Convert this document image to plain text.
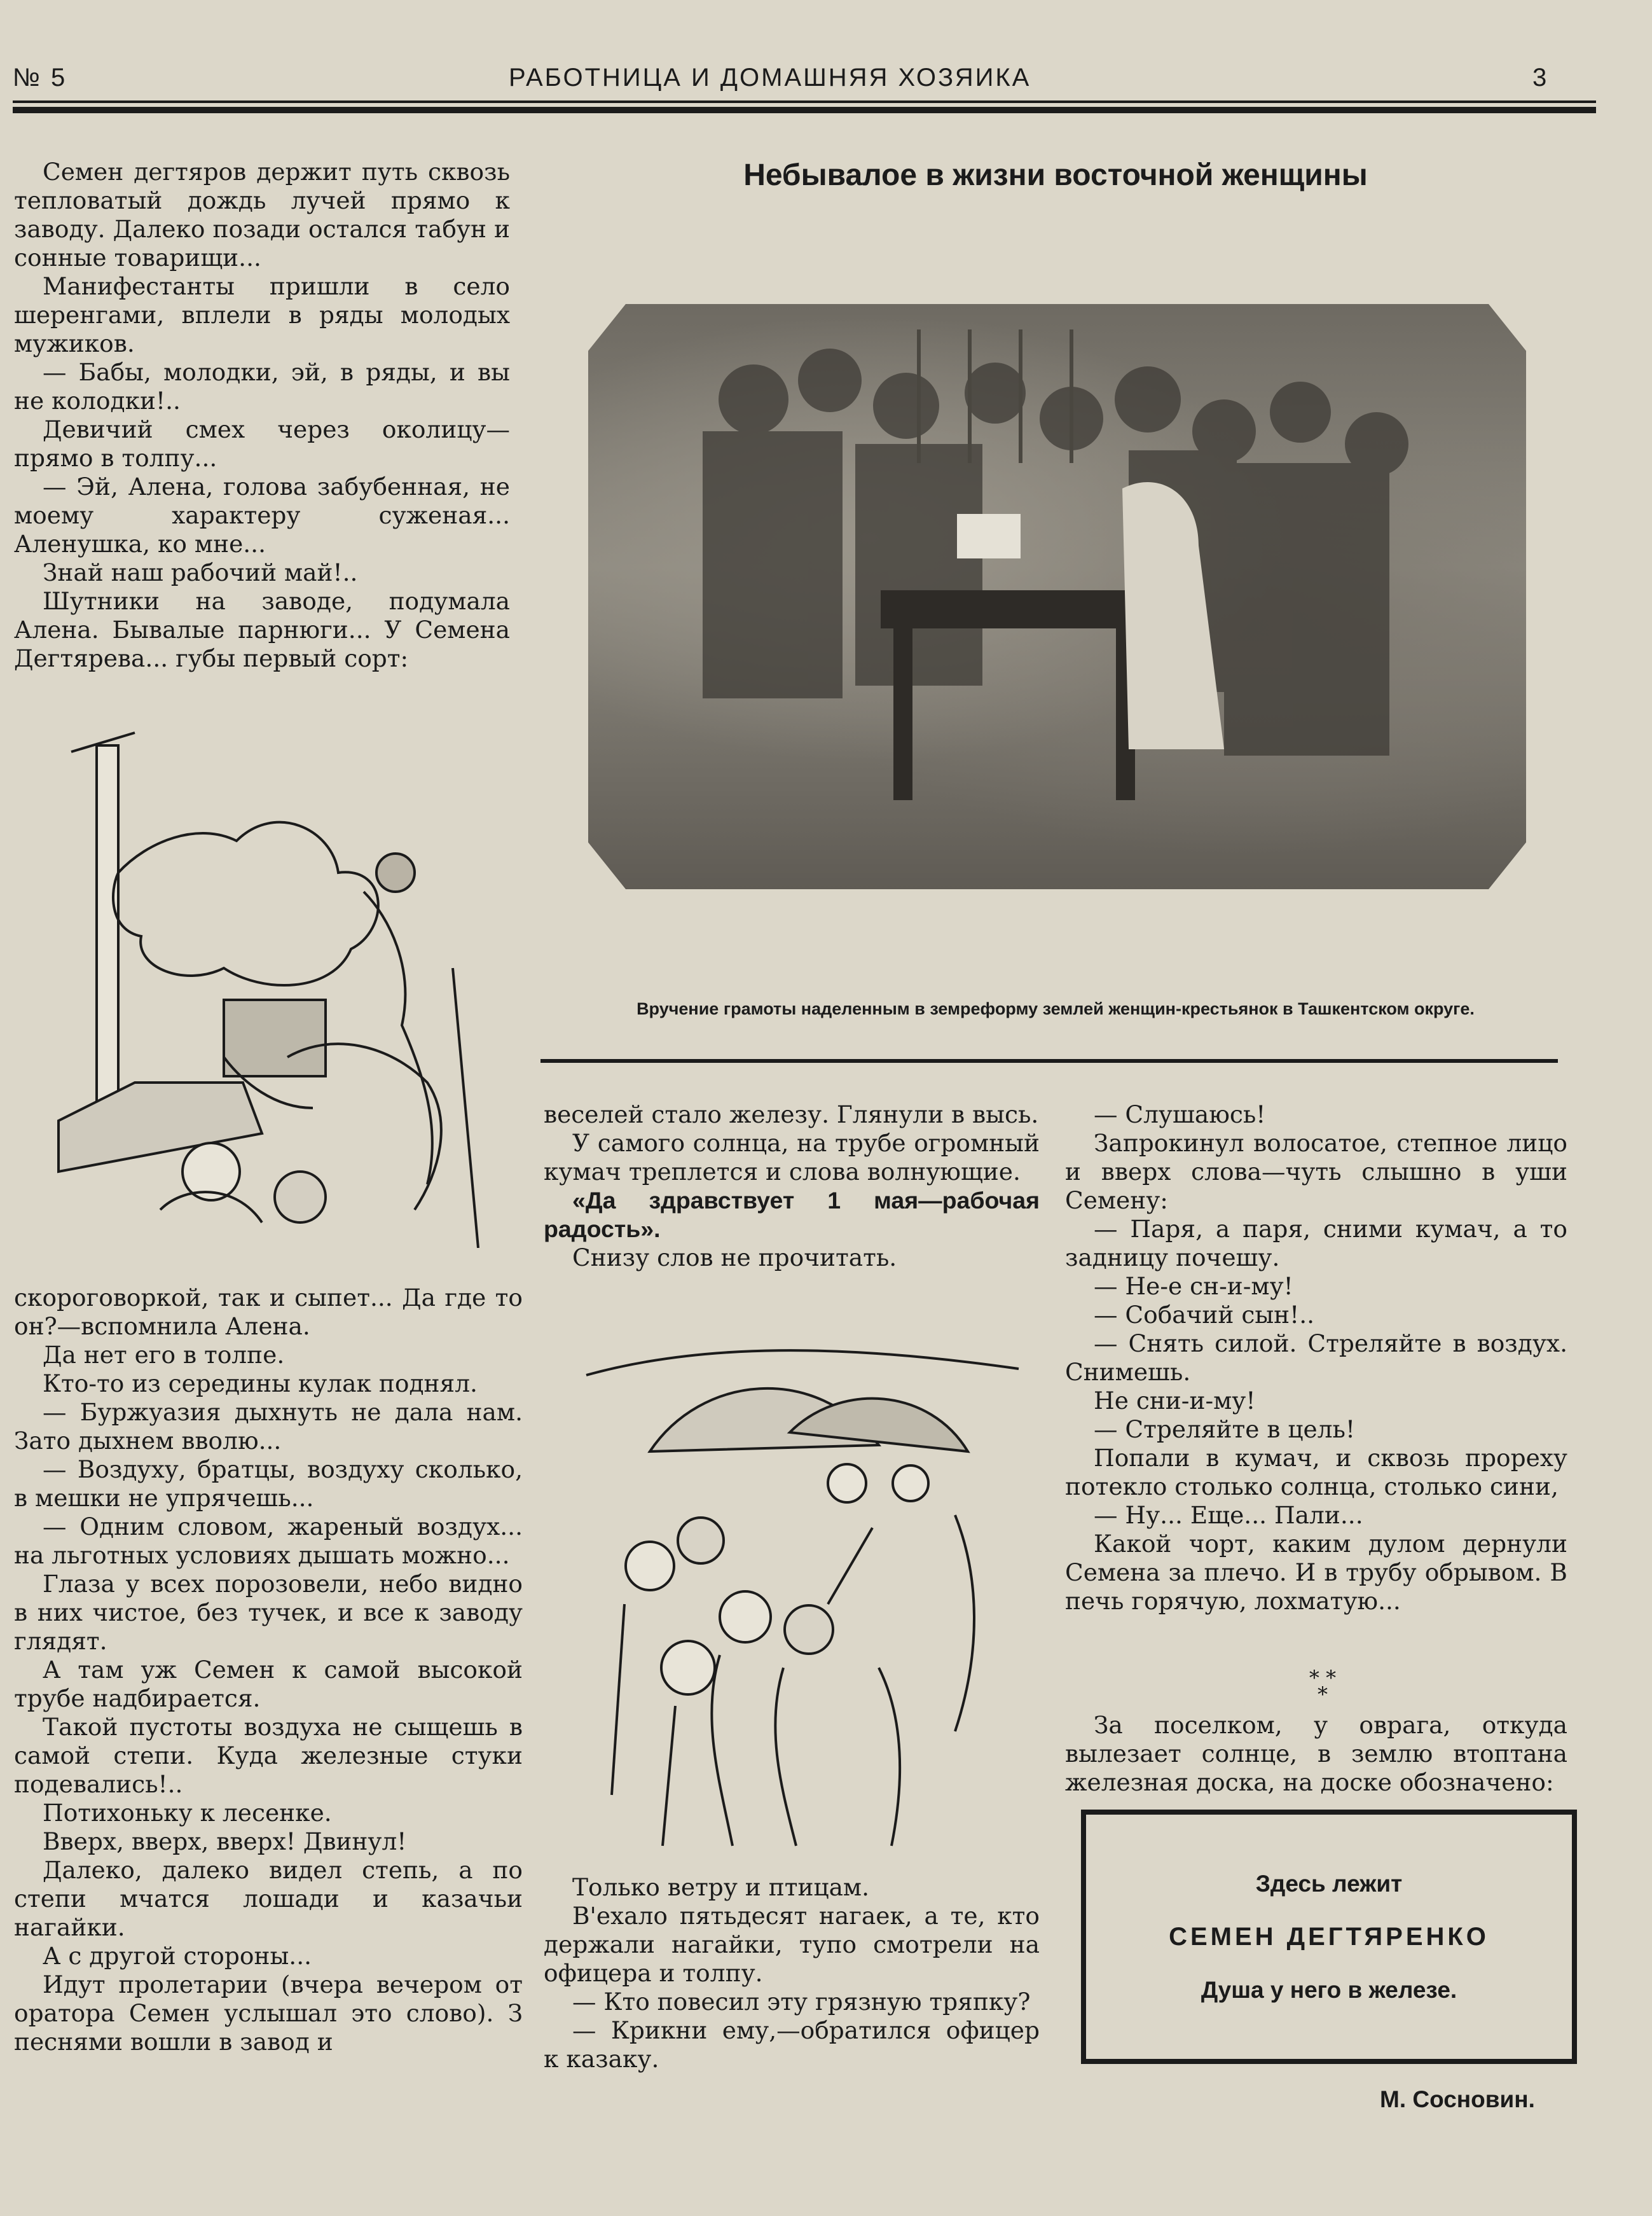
№ 5	РАБОТНИЦА И ДОМАШНЯЯ ХОЗЯИКА	3

Семен дегтяров держит путь сквозь тепловатый дождь лучей прямо к заводу. Далеко позади остался табун и сонные товарищи...

Манифестанты пришли в село шеренгами, вплели в ряды молодых мужиков.

— Бабы, молодки, эй, в ряды, и вы не колодки!..

Девичий смех через околицу— прямо в толпу...

— Эй, Алена, голова забубенная, не моему характеру суженая... Аленушка, ко мне...

Знай наш рабочий май!..

Шутники на заводе, подумала Алена. Бывалые парнюги... У Семена Дегтярева... губы первый сорт:

скороговоркой, так и сыпет... Да где то он?—вспомнила Алена.

Да нет его в толпе.

Кто-то из середины кулак поднял.

— Буржуазия дыхнуть не дала нам. Зато дыхнем вволю...

— Воздуху, братцы, воздуху сколько, в мешки не упрячешь...

— Одним словом, жареный воздух... на льготных условиях дышать можно...

Глаза у всех порозовели, небо видно в них чистое, без тучек, и все к заводу глядят.

А там уж Семен к самой высокой трубе надбирается.

Такой пустоты воздуха не сыщешь в самой степи. Куда железные стуки подевались!..

Потихоньку к лесенке.

Вверх, вверх, вверх! Двинул!

Далеко, далеко видел степь, а по степи мчатся лошади и казачьи нагайки.

А с другой стороны...

Идут пролетарии (вчера вечером от оратора Семен услышал это слово). З песнями вошли в завод и

Небывалое в жизни восточной женщины
Вручение грамоты наделенным в земреформу землей женщин-крестьянок в Ташкентском округе.

веселей стало железу. Глянули в высь.

У самого солнца, на трубе огромный кумач треплется и слова волнующие.

«Да здравствует 1 мая—рабочая радость».

Снизу слов не прочитать.

Только ветру и птицам.

В'ехало пятьдесят нагаек, а те, кто держали нагайки, тупо смотрели на офицера и толпу.

— Кто повесил эту грязную тряпку?

— Крикни ему,—обратился офицер к казаку.

— Слушаюсь!

Запрокинул волосатое, степное лицо и вверх слова—чуть слышно в уши Семену:

— Паря, а паря, сними кумач, а то задницу почешу.

— Не-е сн-и-му!

— Собачий сын!..

— Снять силой. Стреляйте в воздух. Снимешь.

Не сни-и-му!

— Стреляйте в цель!

Попали в кумач, и сквозь прореху потекло столько солнца, столько сини,

— Ну... Еще... Пали...

Какой чорт, каким дулом дернули Семена за плечо. И в трубу обрывом. В печь горячую, лохматую...

* *
*

За поселком, у оврага, откуда вылезает солнце, в землю втоптана железная доска, на доске обозначено:

Здесь лежит
СЕМЕН ДЕГТЯРЕНКО
Душа у него в железе.
М. Сосновин.
